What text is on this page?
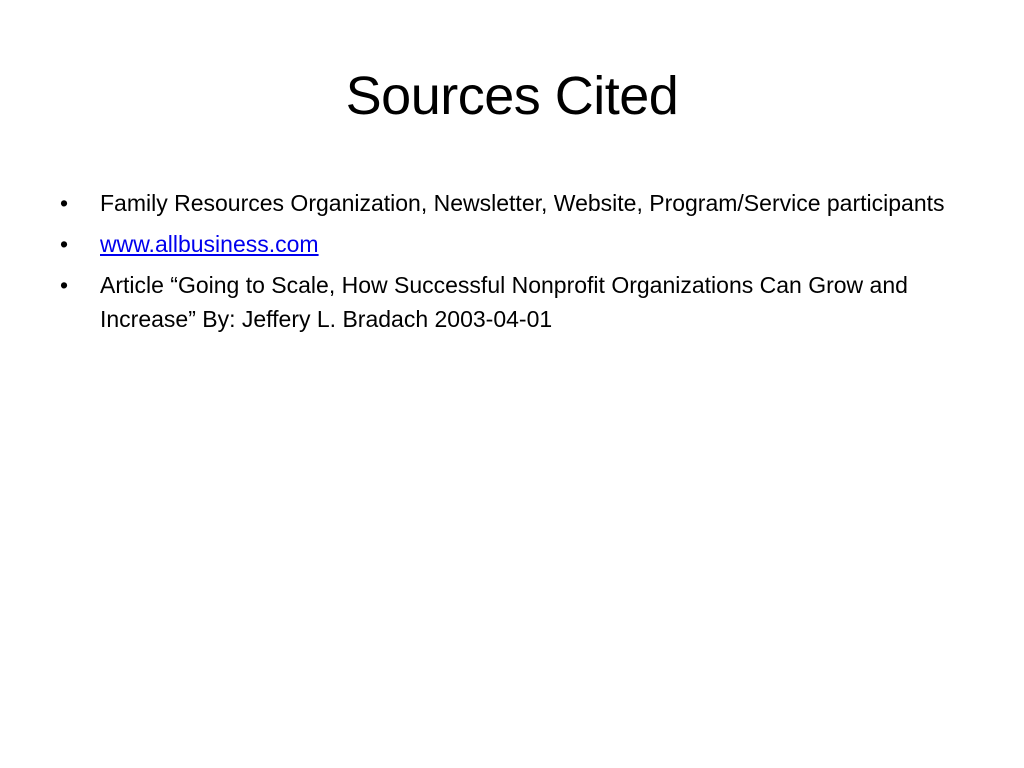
Sources Cited
•	Family Resources Organization, Newsletter, Website, Program/Service participants
•	www.allbusiness.com
•	Article “Going to Scale, How Successful Nonprofit Organizations Can Grow and Increase” By: Jeffery L. Bradach 2003-04-01
